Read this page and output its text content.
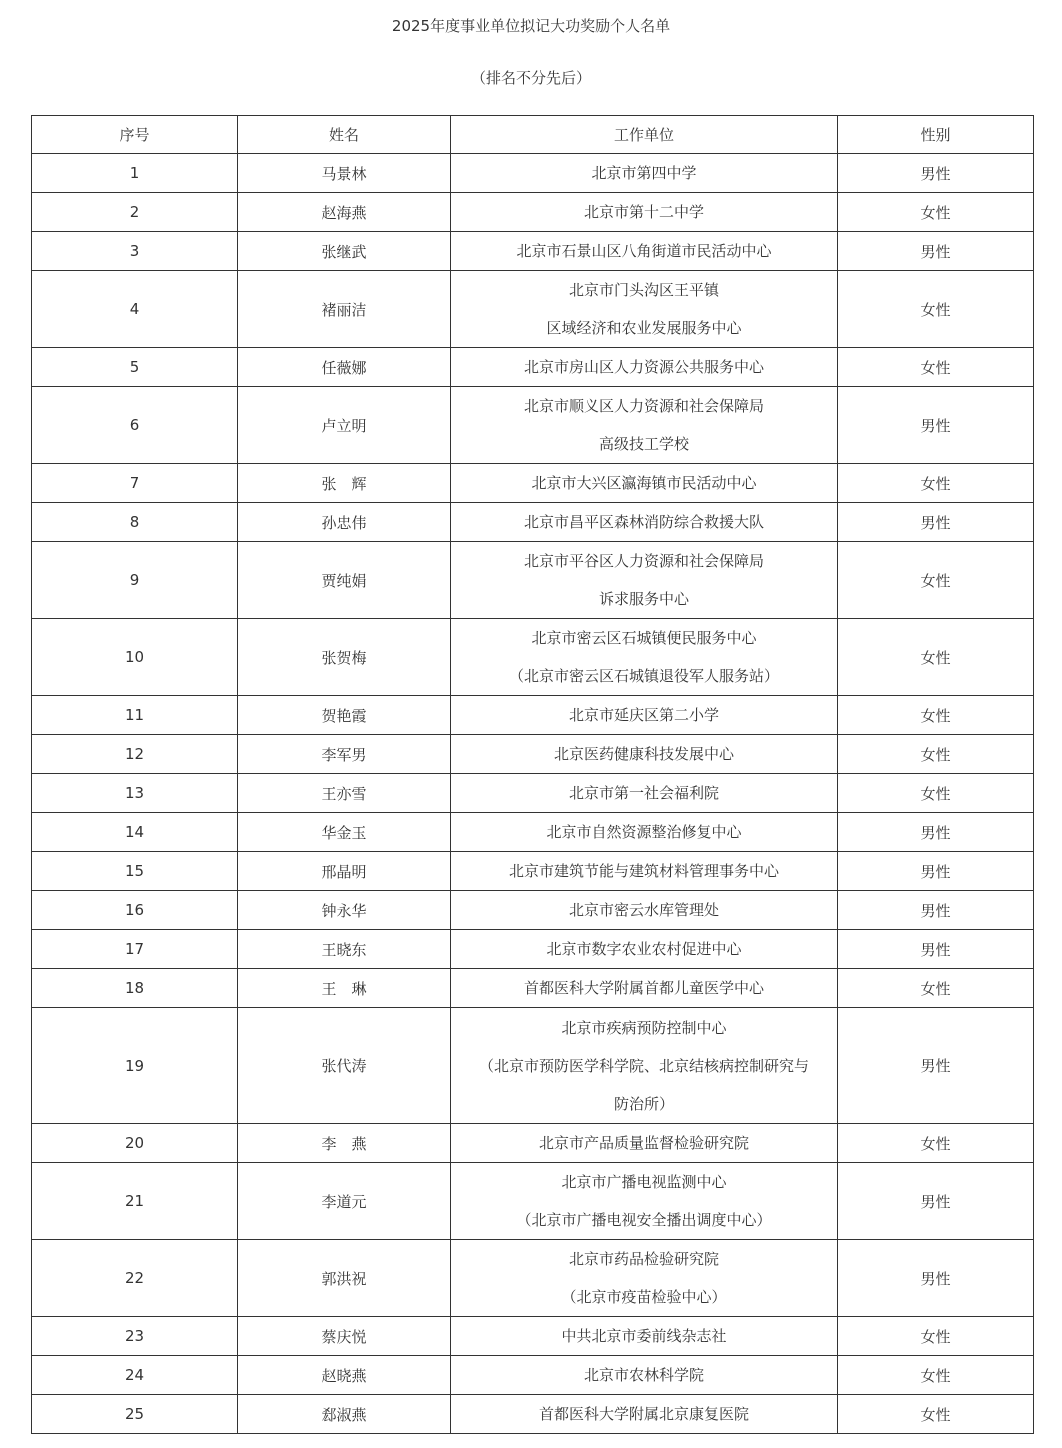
2025年度事业单位拟记大功奖励个人名单
（排名不分先后）
序号	姓名	工作单位	性别
1	马景林	北京市第四中学	男性
2	赵海燕	北京市第十二中学	女性
3	张继武	北京市石景山区八角街道市民活动中心	男性
4	褚丽洁	北京市门头沟区王平镇
区域经济和农业发展服务中心	女性
5	任薇娜	北京市房山区人力资源公共服务中心	女性
6	卢立明	北京市顺义区人力资源和社会保障局
高级技工学校	男性
7	张　辉	北京市大兴区瀛海镇市民活动中心	女性
8	孙忠伟	北京市昌平区森林消防综合救援大队	男性
9	贾纯娟	北京市平谷区人力资源和社会保障局
诉求服务中心	女性
10	张贺梅	北京市密云区石城镇便民服务中心
（北京市密云区石城镇退役军人服务站）	女性
11	贺艳霞	北京市延庆区第二小学	女性
12	李军男	北京医药健康科技发展中心	女性
13	王亦雪	北京市第一社会福利院	女性
14	华金玉	北京市自然资源整治修复中心	男性
15	邢晶明	北京市建筑节能与建筑材料管理事务中心	男性
16	钟永华	北京市密云水库管理处	男性
17	王晓东	北京市数字农业农村促进中心	男性
18	王　琳	首都医科大学附属首都儿童医学中心	女性
19	张代涛	北京市疾病预防控制中心
（北京市预防医学科学院、北京结核病控制研究与
防治所）	男性
20	李　燕	北京市产品质量监督检验研究院	女性
21	李道元	北京市广播电视监测中心
（北京市广播电视安全播出调度中心）	男性
22	郭洪祝	北京市药品检验研究院
（北京市疫苗检验中心）	男性
23	蔡庆悦	中共北京市委前线杂志社	女性
24	赵晓燕	北京市农林科学院	女性
25	郄淑燕	首都医科大学附属北京康复医院	女性
